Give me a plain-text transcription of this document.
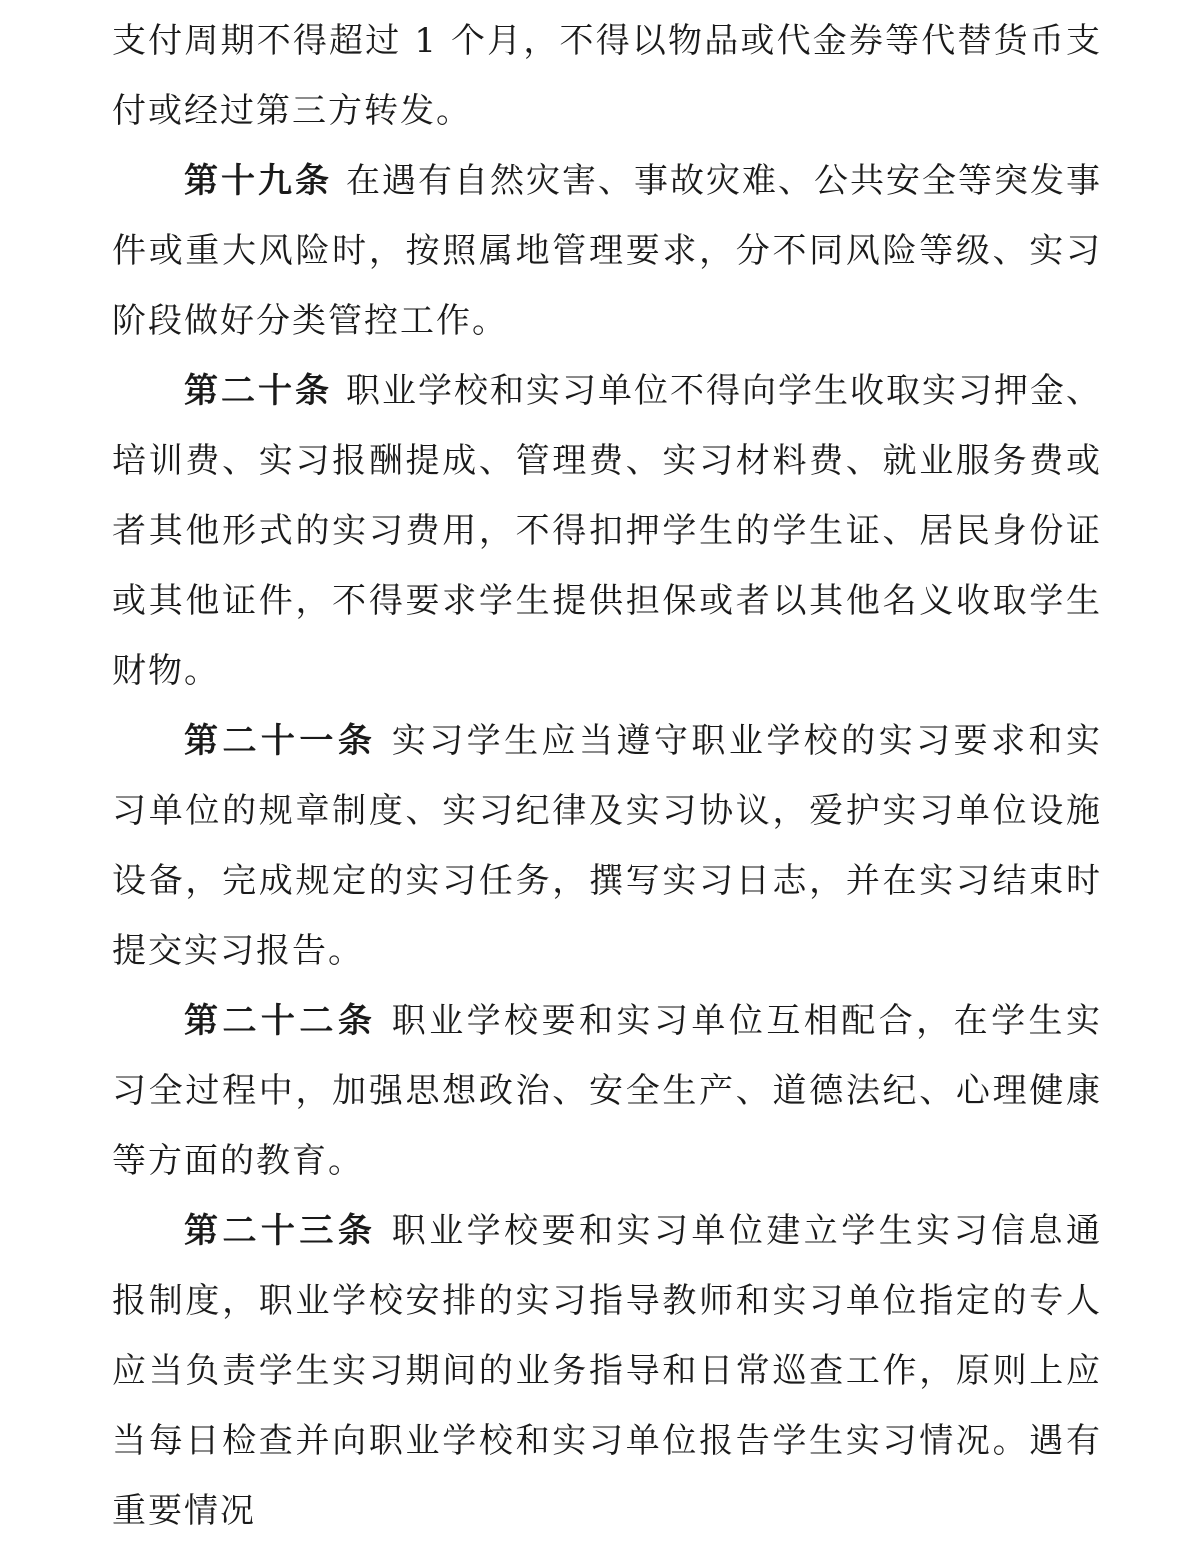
支付周期不得超过 1 个月，不得以物品或代金券等代替货币支付或经过第三方转发。

第十九条 在遇有自然灾害、事故灾难、公共安全等突发事件或重大风险时，按照属地管理要求，分不同风险等级、实习阶段做好分类管控工作。

第二十条 职业学校和实习单位不得向学生收取实习押金、培训费、实习报酬提成、管理费、实习材料费、就业服务费或者其他形式的实习费用，不得扣押学生的学生证、居民身份证或其他证件，不得要求学生提供担保或者以其他名义收取学生财物。

第二十一条 实习学生应当遵守职业学校的实习要求和实习单位的规章制度、实习纪律及实习协议，爱护实习单位设施设备，完成规定的实习任务，撰写实习日志，并在实习结束时提交实习报告。

第二十二条 职业学校要和实习单位互相配合，在学生实习全过程中，加强思想政治、安全生产、道德法纪、心理健康等方面的教育。

第二十三条 职业学校要和实习单位建立学生实习信息通报制度，职业学校安排的实习指导教师和实习单位指定的专人应当负责学生实习期间的业务指导和日常巡查工作，原则上应当每日检查并向职业学校和实习单位报告学生实习情况。遇有重要情况
